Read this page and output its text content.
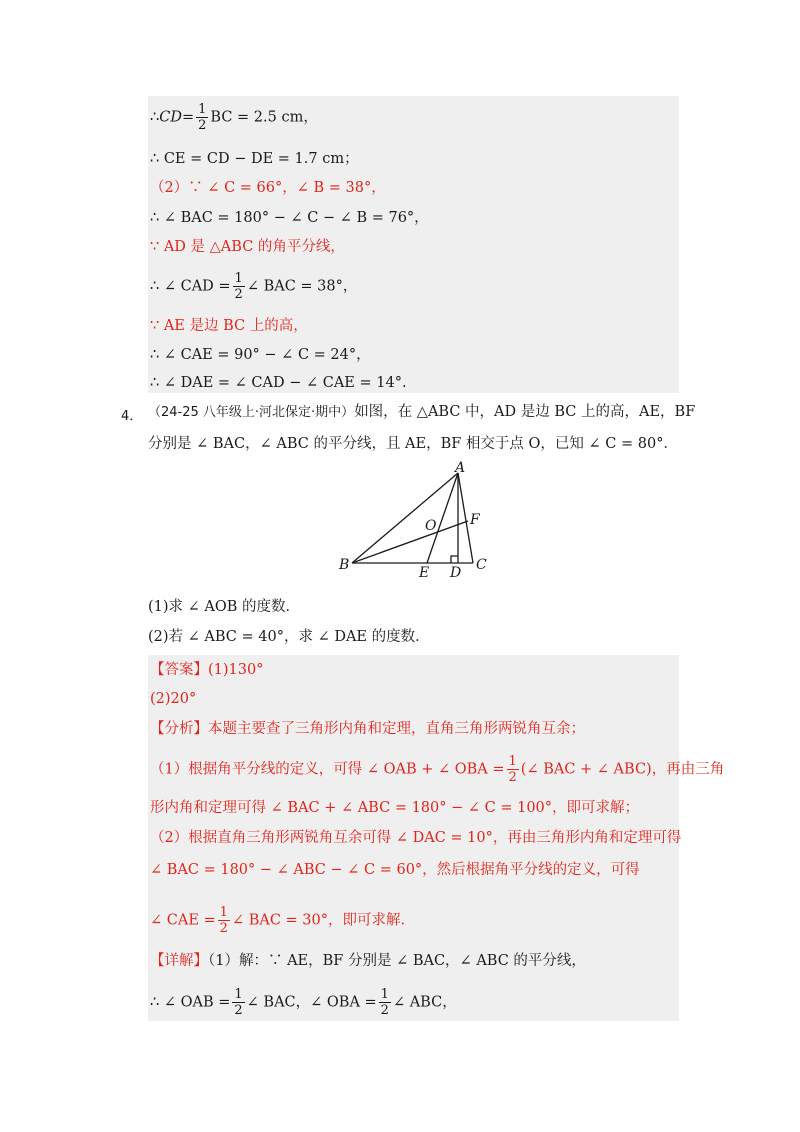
∴CD= $\frac{1}{2}$ BC = 2.5 cm，
∴ CE = CD − DE = 1.7 cm；
（2）∵ ∠ C = 66°，∠ B = 38°，
∴ ∠ BAC = 180° − ∠ C − ∠ B = 76°，
∵ AD 是 △ABC 的角平分线，
∴ ∠ CAD = $\frac{1}{2}$ ∠ BAC = 38°，
∵ AE 是边 BC 上的高，
∴ ∠ CAE = 90° − ∠ C = 24°，
∴ ∠ DAE = ∠ CAD − ∠ CAE = 14°.
4． （24-25 八年级上·河北保定·期中）如图，在 △ABC 中，AD 是边 BC 上的高，AE，BF
分别是 ∠ BAC，∠ ABC 的平分线，且 AE，BF 相交于点 O，已知 ∠ C = 80°．
A
B	C
D
E
F
O
(1)求 ∠ AOB 的度数．
(2)若 ∠ ABC = 40°，求 ∠ DAE 的度数．
【答案】(1)130°
(2)20°
【分析】本题主要查了三角形内角和定理，直角三角形两锐角互余；
（1）根据角平分线的定义，可得 ∠ OAB + ∠ OBA = $\frac{1}{2}$ (∠ BAC + ∠ ABC)，再由三角
形内角和定理可得 ∠ BAC + ∠ ABC = 180° − ∠ C = 100°，即可求解；
（2）根据直角三角形两锐角互余可得 ∠ DAC = 10°，再由三角形内角和定理可得
∠ BAC = 180° − ∠ ABC − ∠ C = 60°，然后根据角平分线的定义，可得
∠ CAE = $\frac{1}{2}$ ∠ BAC = 30°，即可求解.
【详解】（1）解：∵ AE，BF 分别是 ∠ BAC，∠ ABC 的平分线，
∴ ∠ OAB = $\frac{1}{2}$ ∠ BAC，∠ OBA = $\frac{1}{2}$ ∠ ABC，
